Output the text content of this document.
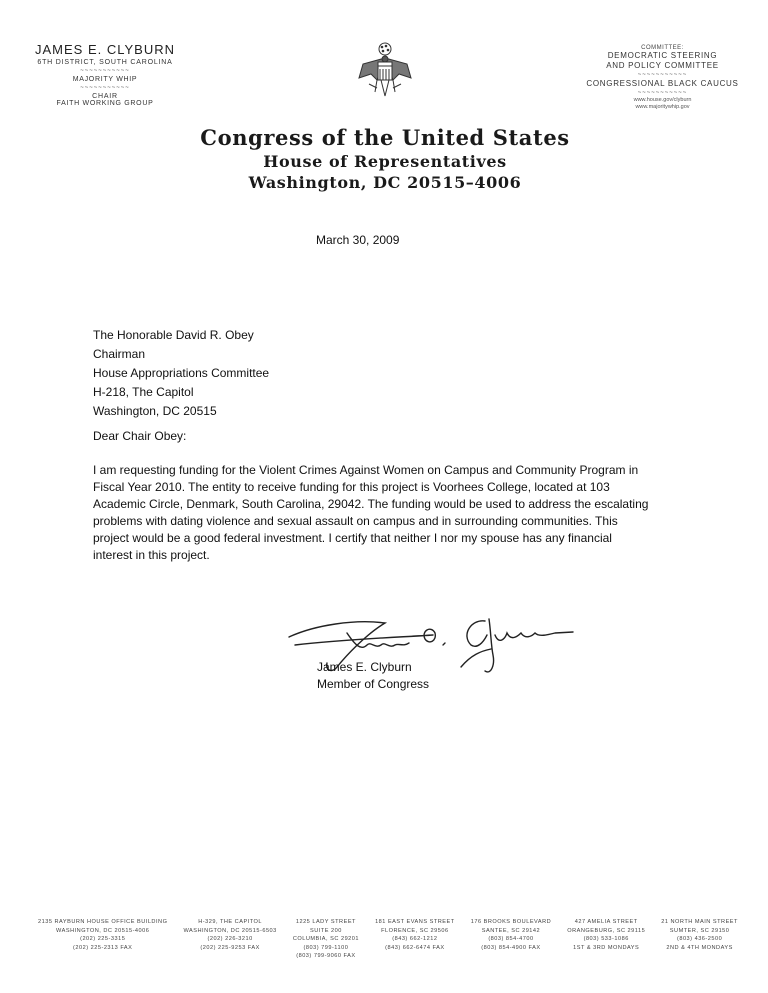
JAMES E. CLYBURN
6TH DISTRICT, SOUTH CAROLINA
~~~~~~~~~~~
MAJORITY WHIP
~~~~~~~~~~~
CHAIR
FAITH WORKING GROUP
COMMITTEE:
DEMOCRATIC STEERING
AND POLICY COMMITTEE
~~~~~~~~~~~
CONGRESSIONAL BLACK CAUCUS
~~~~~~~~~~~
www.house.gov/clyburn
www.majoritywhip.gov
Congress of the United States
House of Representatives
Washington, DC 20515–4006
March 30, 2009
The Honorable David R. Obey
Chairman
House Appropriations Committee
H-218, The Capitol
Washington, DC 20515
Dear Chair Obey:
I am requesting funding for the Violent Crimes Against Women on Campus and Community Program in
Fiscal Year 2010. The entity to receive funding for this project is Voorhees College, located at 103
Academic Circle, Denmark, South Carolina, 29042. The funding would be used to address the escalating
problems with dating violence and sexual assault on campus and in surrounding communities. This
project would be a good federal investment. I certify that neither I nor my spouse has any financial
interest in this project.
James E. Clyburn
Member of Congress
2135 RAYBURN HOUSE OFFICE BUILDING
WASHINGTON, DC 20515-4006
(202) 225-3315
(202) 225-2313 FAX
H-329, THE CAPITOL
WASHINGTON, DC 20515-6503
(202) 226-3210
(202) 225-9253 FAX
1225 LADY STREET
SUITE 200
COLUMBIA, SC 29201
(803) 799-1100
(803) 799-9060 FAX
181 EAST EVANS STREET
FLORENCE, SC 29506
(843) 662-1212
(843) 662-6474 FAX
176 BROOKS BOULEVARD
SANTEE, SC 29142
(803) 854-4700
(803) 854-4900 FAX
427 AMELIA STREET
ORANGEBURG, SC 29115
(803) 533-1086
1ST & 3RD MONDAYS
21 NORTH MAIN STREET
SUMTER, SC 29150
(803) 436-2500
2ND & 4TH MONDAYS
